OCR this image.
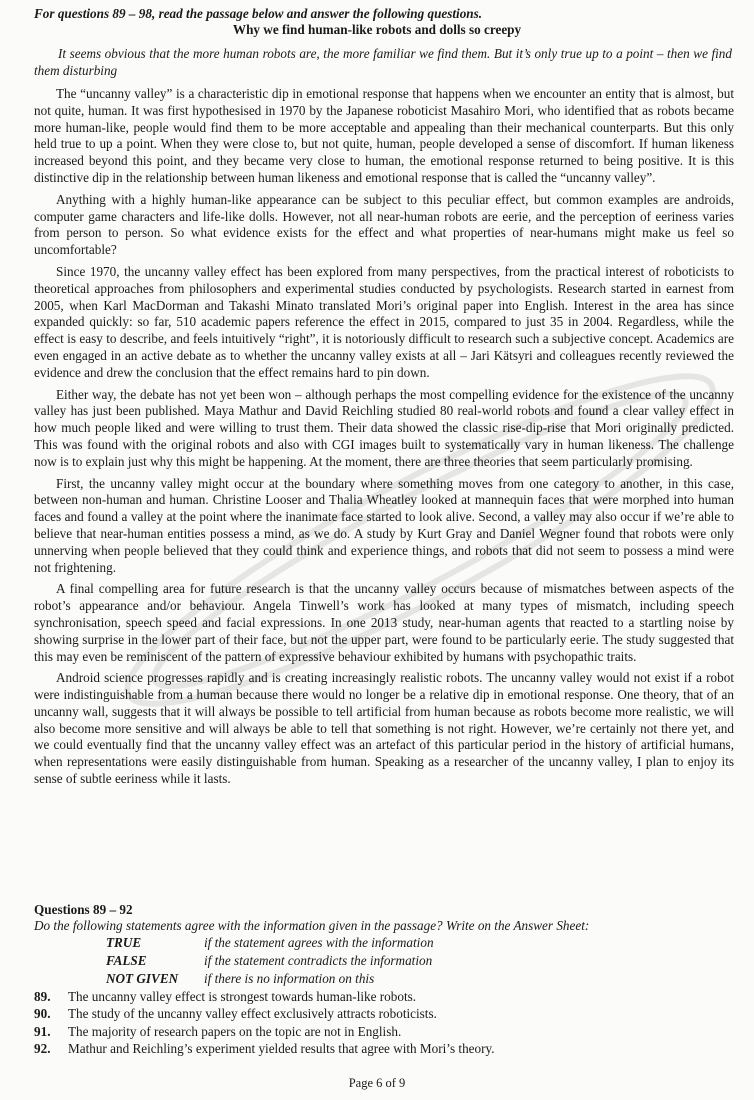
For questions 89 – 98, read the passage below and answer the following questions.
Why we find human-like robots and dolls so creepy
It seems obvious that the more human robots are, the more familiar we find them. But it’s only true up to a point – then we find them disturbing

The “uncanny valley” is a characteristic dip in emotional response that happens when we encounter an entity that is almost, but not quite, human. It was first hypothesised in 1970 by the Japanese roboticist Masahiro Mori, who identified that as robots became more human-like, people would find them to be more acceptable and appealing than their mechanical counterparts. But this only held true to up a point. When they were close to, but not quite, human, people developed a sense of discomfort. If human likeness increased beyond this point, and they became very close to human, the emotional response returned to being positive. It is this distinctive dip in the relationship between human likeness and emotional response that is called the “uncanny valley”.

Anything with a highly human-like appearance can be subject to this peculiar effect, but common examples are androids, computer game characters and life-like dolls. However, not all near-human robots are eerie, and the perception of eeriness varies from person to person. So what evidence exists for the effect and what properties of near-humans might make us feel so uncomfortable?

Since 1970, the uncanny valley effect has been explored from many perspectives, from the practical interest of roboticists to theoretical approaches from philosophers and experimental studies conducted by psychologists. Research started in earnest from 2005, when Karl MacDorman and Takashi Minato translated Mori’s original paper into English. Interest in the area has since expanded quickly: so far, 510 academic papers reference the effect in 2015, compared to just 35 in 2004. Regardless, while the effect is easy to describe, and feels intuitively “right”, it is notoriously difficult to research such a subjective concept. Academics are even engaged in an active debate as to whether the uncanny valley exists at all – Jari Kätsyri and colleagues recently reviewed the evidence and drew the conclusion that the effect remains hard to pin down.

Either way, the debate has not yet been won – although perhaps the most compelling evidence for the existence of the uncanny valley has just been published. Maya Mathur and David Reichling studied 80 real-world robots and found a clear valley effect in how much people liked and were willing to trust them. Their data showed the classic rise-dip-rise that Mori originally predicted. This was found with the original robots and also with CGI images built to systematically vary in human likeness. The challenge now is to explain just why this might be happening. At the moment, there are three theories that seem particularly promising.

First, the uncanny valley might occur at the boundary where something moves from one category to another, in this case, between non-human and human. Christine Looser and Thalia Wheatley looked at mannequin faces that were morphed into human faces and found a valley at the point where the inanimate face started to look alive. Second, a valley may also occur if we’re able to believe that near-human entities possess a mind, as we do. A study by Kurt Gray and Daniel Wegner found that robots were only unnerving when people believed that they could think and experience things, and robots that did not seem to possess a mind were not frightening.

A final compelling area for future research is that the uncanny valley occurs because of mismatches between aspects of the robot’s appearance and/or behaviour. Angela Tinwell’s work has looked at many types of mismatch, including speech synchronisation, speech speed and facial expressions. In one 2013 study, near-human agents that reacted to a startling noise by showing surprise in the lower part of their face, but not the upper part, were found to be particularly eerie. The study suggested that this may even be reminiscent of the pattern of expressive behaviour exhibited by humans with psychopathic traits.

Android science progresses rapidly and is creating increasingly realistic robots. The uncanny valley would not exist if a robot were indistinguishable from a human because there would no longer be a relative dip in emotional response. One theory, that of an uncanny wall, suggests that it will always be possible to tell artificial from human because as robots become more realistic, we will also become more sensitive and will always be able to tell that something is not right. However, we’re certainly not there yet, and we could eventually find that the uncanny valley effect was an artefact of this particular period in the history of artificial humans, when representations were easily distinguishable from human. Speaking as a researcher of the uncanny valley, I plan to enjoy its sense of subtle eeriness while it lasts.

Questions 89 – 92
Do the following statements agree with the information given in the passage? Write on the Answer Sheet:
TRUE	if the statement agrees with the information
FALSE	if the statement contradicts the information
NOT GIVEN	if there is no information on this
89.	The uncanny valley effect is strongest towards human-like robots.
90.	The study of the uncanny valley effect exclusively attracts roboticists.
91.	The majority of research papers on the topic are not in English.
92.	Mathur and Reichling’s experiment yielded results that agree with Mori’s theory.
Page 6 of 9
